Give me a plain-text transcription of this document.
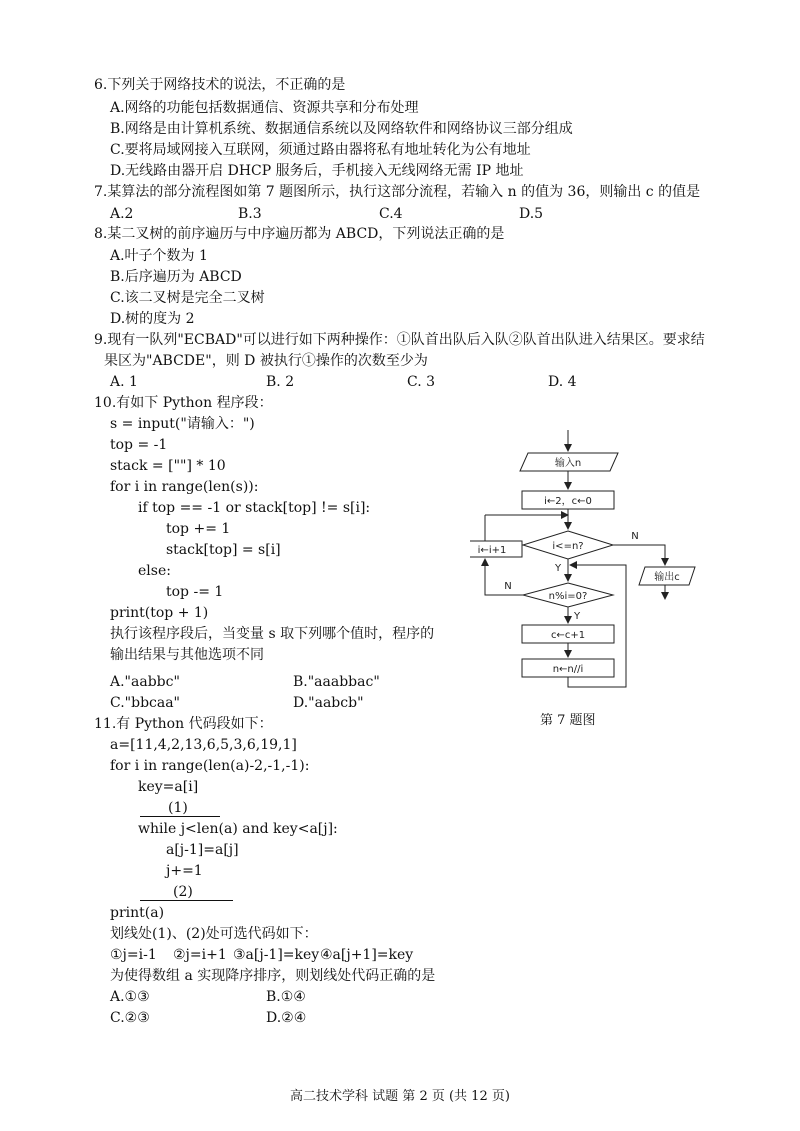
6.下列关于网络技术的说法，不正确的是
A.网络的功能包括数据通信、资源共享和分布处理
B.网络是由计算机系统、数据通信系统以及网络软件和网络协议三部分组成
C.要将局域网接入互联网，须通过路由器将私有地址转化为公有地址
D.无线路由器开启 DHCP 服务后，手机接入无线网络无需 IP 地址
7.某算法的部分流程图如第 7 题图所示，执行这部分流程，若输入 n 的值为 36，则输出 c 的值是
A.2	B.3	C.4	D.5
8.某二叉树的前序遍历与中序遍历都为 ABCD，下列说法正确的是
A.叶子个数为 1
B.后序遍历为 ABCD
C.该二叉树是完全二叉树
D.树的度为 2
9.现有一队列"ECBAD"可以进行如下两种操作：①队首出队后入队②队首出队进入结果区。要求结
果区为"ABCDE"，则 D 被执行①操作的次数至少为
A. 1	B. 2	C. 3	D. 4
10.有如下 Python 程序段：
s = input("请输入：")
top = -1
stack = [""] * 10
for i in range(len(s)):
if top == -1 or stack[top] != s[i]:
top += 1
stack[top] = s[i]
else:
top -= 1
print(top + 1)
执行该程序段后，当变量 s 取下列哪个值时，程序的
输出结果与其他选项不同
A."aabbc"	B."aaabbac"
C."bbcaa"	D."aabcb"
输入n
i←2，c←0
i<=n?
i←i+1
n%i=0?
c←c+1
n←n//i
输出c
N
Y
N
Y
第 7 题图
11.有 Python 代码段如下：
a=[11,4,2,13,6,5,3,6,19,1]
for i in range(len(a)-2,-1,-1):
key=a[i]
(1)
while j<len(a) and key<a[j]:
a[j-1]=a[j]
j+=1
(2)
print(a)
划线处(1)、(2)处可选代码如下：
①j=i-1 ②j=i+1 ③a[j-1]=key ④a[j+1]=key
为使得数组 a 实现降序排序，则划线处代码正确的是
A.①③	B.①④
C.②③	D.②④
高二技术学科 试题 第 2 页 (共 12 页)
